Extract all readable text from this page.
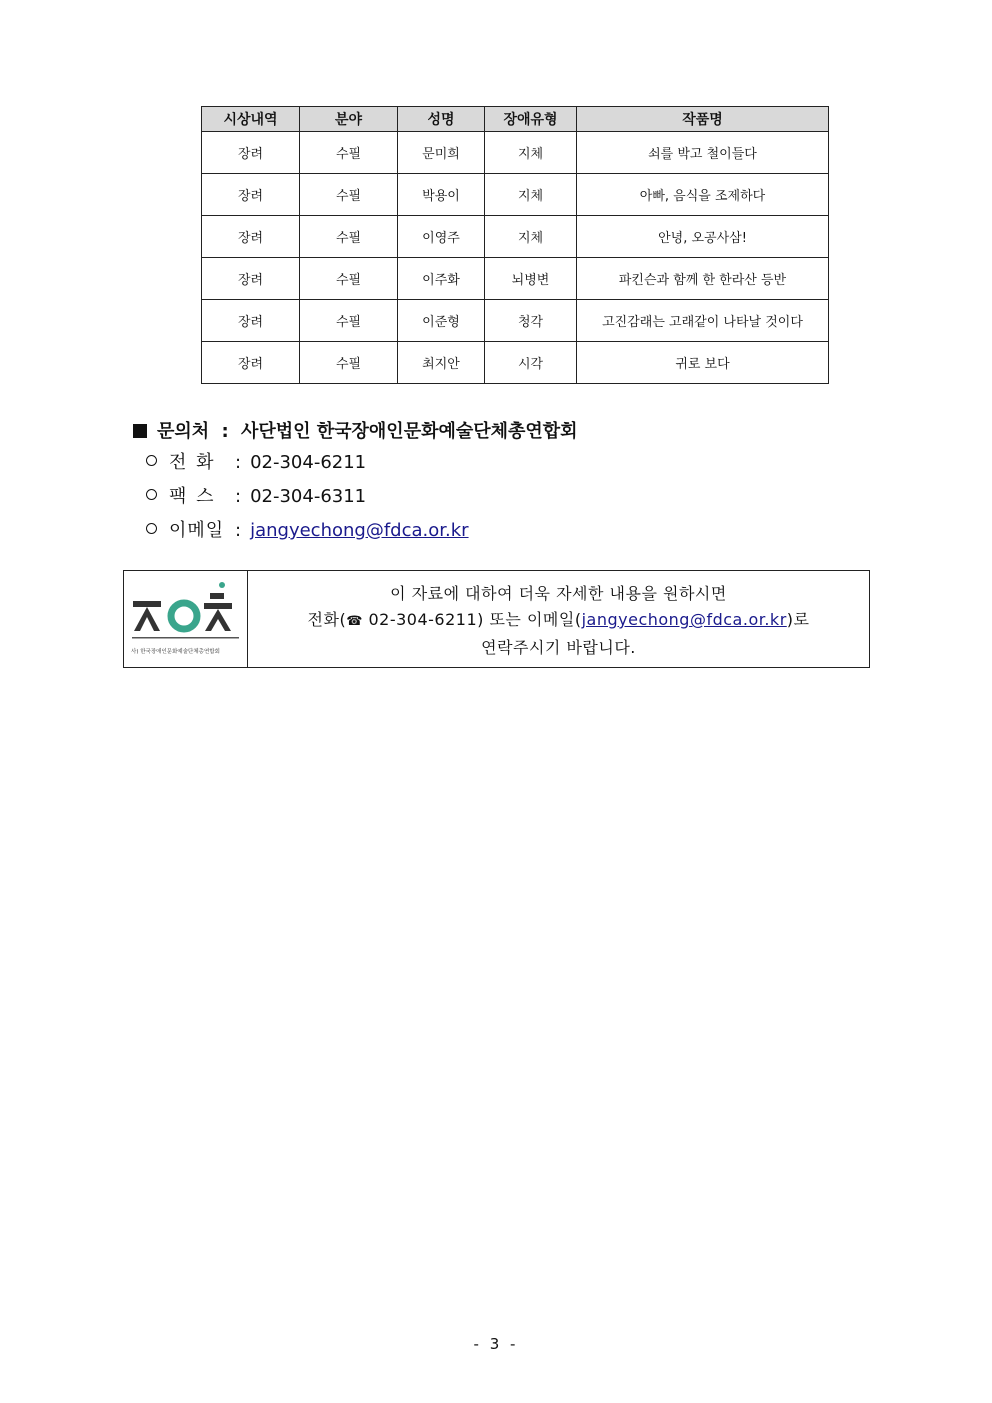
시상내역	분야	성명	장애유형	작품명
장려	수필	문미희	지체	쇠를 박고 철이들다
장려	수필	박용이	지체	아빠, 음식을 조제하다
장려	수필	이영주	지체	안녕, 오공사삼!
장려	수필	이주화	뇌병변	파킨슨과 함께 한 한라산 등반
장려	수필	이준형	청각	고진감래는 고래같이 나타날 것이다
장려	수필	최지안	시각	귀로 보다
문의처 : 사단법인 한국장애인문화예술단체총연합회
전 화 : 02-304-6211
팩 스 : 02-304-6311
이메일 : jangyechong@fdca.or.kr
사) 한국장애인문화예술단체총연합회
이 자료에 대하여 더욱 자세한 내용을 원하시면
전화(☎ 02-304-6211) 또는 이메일(jangyechong@fdca.or.kr)로
연락주시기 바랍니다.
- 3 -
